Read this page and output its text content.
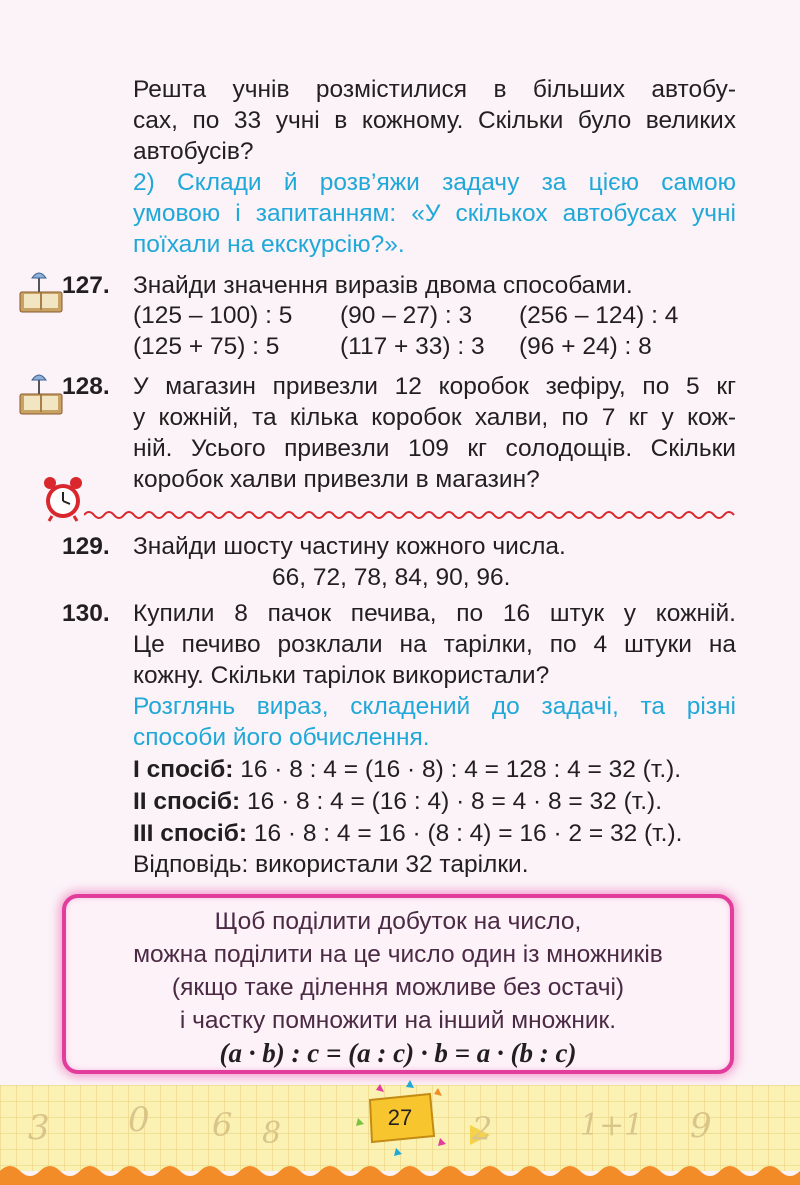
Решта учнів розмістилися в більших автобу-
сах, по 33 учні в кожному. Скільки було великих
автобусів?
2) Склади й розв’яжи задачу за цією самою
умовою і запитанням: «У скількох автобусах учні
поїхали на екскурсію?».
127. Знайди значення виразів двома способами.
(125 – 100) : 5 (90 – 27) : 3 (256 – 124) : 4
(125 + 75) : 5 (117 + 33) : 3 (96 + 24) : 8
128. У магазин привезли 12 коробок зефіру, по 5 кг
у кожній, та кілька коробок халви, по 7 кг у кож-
ній. Усього привезли 109 кг солодощів. Скільки
коробок халви привезли в магазин?
129. Знайди шосту частину кожного числа.
66, 72, 78, 84, 90, 96.
130. Купили 8 пачок печива, по 16 штук у кожній.
Це печиво розклали на тарілки, по 4 штуки на
кожну. Скільки тарілок використали?
Розглянь вираз, складений до задачі, та різні
способи його обчислення.
І спосіб: 16 · 8 : 4 = (16 · 8) : 4 = 128 : 4 = 32 (т.).
ІІ спосіб: 16 · 8 : 4 = (16 : 4) · 8 = 4 · 8 = 32 (т.).
ІІІ спосіб: 16 · 8 : 4 = 16 · (8 : 4) = 16 · 2 = 32 (т.).
Відповідь: використали 32 тарілки.
Щоб поділити добуток на число,
можна поділити на це число один із множників
(якщо таке ділення можливе без остачі)
і частку помножити на інший множник.
(a · b) : c = (a : c) · b = a · (b : c)
3 0 6 8	2	1+1 9
27
